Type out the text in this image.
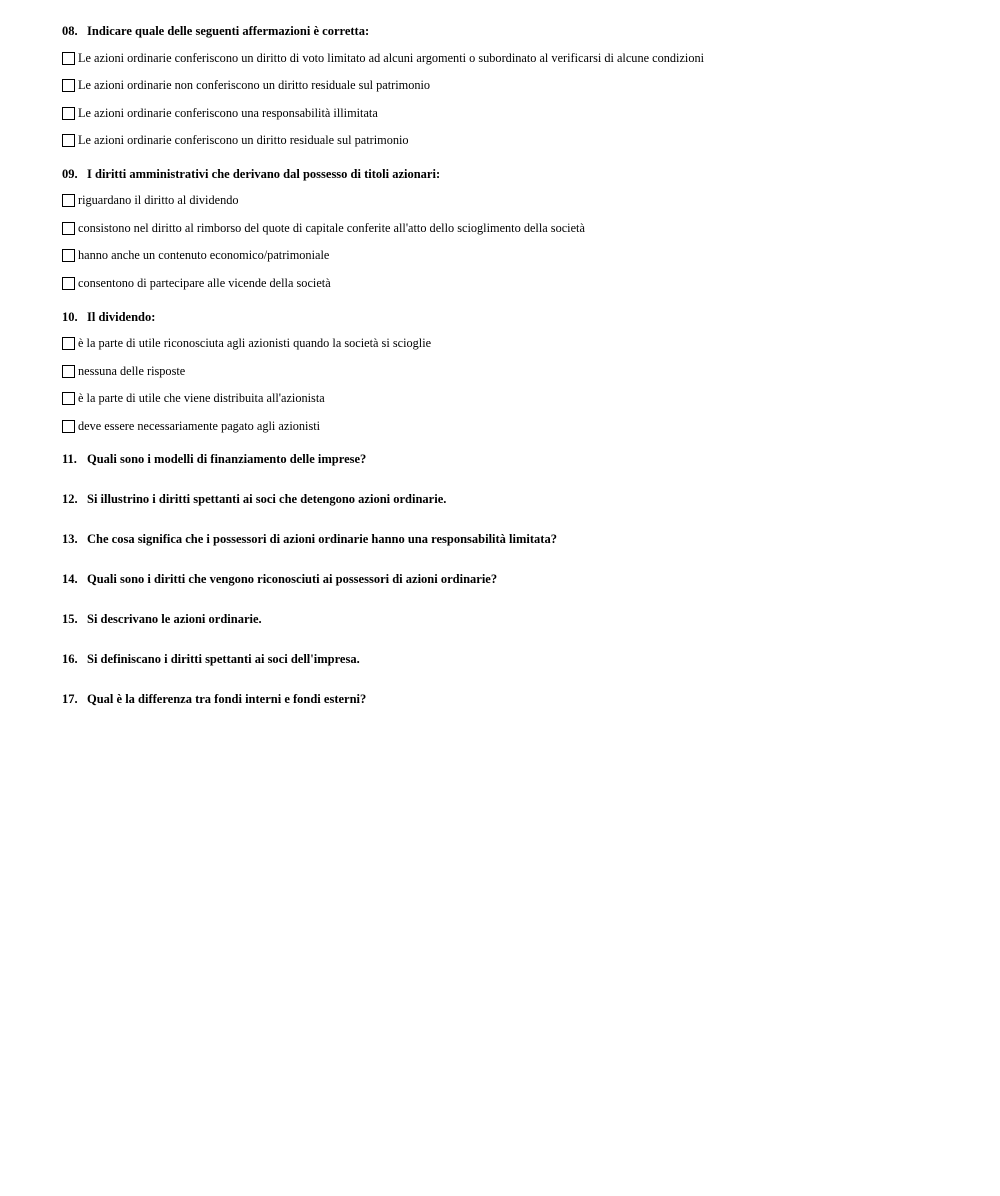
08. Indicare quale delle seguenti affermazioni è corretta:
Le azioni ordinarie conferiscono un diritto di voto limitato ad alcuni argomenti o subordinato al verificarsi di alcune condizioni
Le azioni ordinarie non conferiscono un diritto residuale sul patrimonio
Le azioni ordinarie conferiscono una responsabilità illimitata
Le azioni ordinarie conferiscono un diritto residuale sul patrimonio
09. I diritti amministrativi che derivano dal possesso di titoli azionari:
riguardano il diritto al dividendo
consistono nel diritto al rimborso del quote di capitale conferite all'atto dello scioglimento della società
hanno anche un contenuto economico/patrimoniale
consentono di partecipare alle vicende della società
10. Il dividendo:
è la parte di utile riconosciuta agli azionisti quando la società si scioglie
nessuna delle risposte
è la parte di utile che viene distribuita all'azionista
deve essere necessariamente pagato agli azionisti
11. Quali sono i modelli di finanziamento delle imprese?
12. Si illustrino i diritti spettanti ai soci che detengono azioni ordinarie.
13. Che cosa significa che i possessori di azioni ordinarie hanno una responsabilità limitata?
14. Quali sono i diritti che vengono riconosciuti ai possessori di azioni ordinarie?
15. Si descrivano le azioni ordinarie.
16. Si definiscano i diritti spettanti ai soci dell'impresa.
17. Qual è la differenza tra fondi interni e fondi esterni?
